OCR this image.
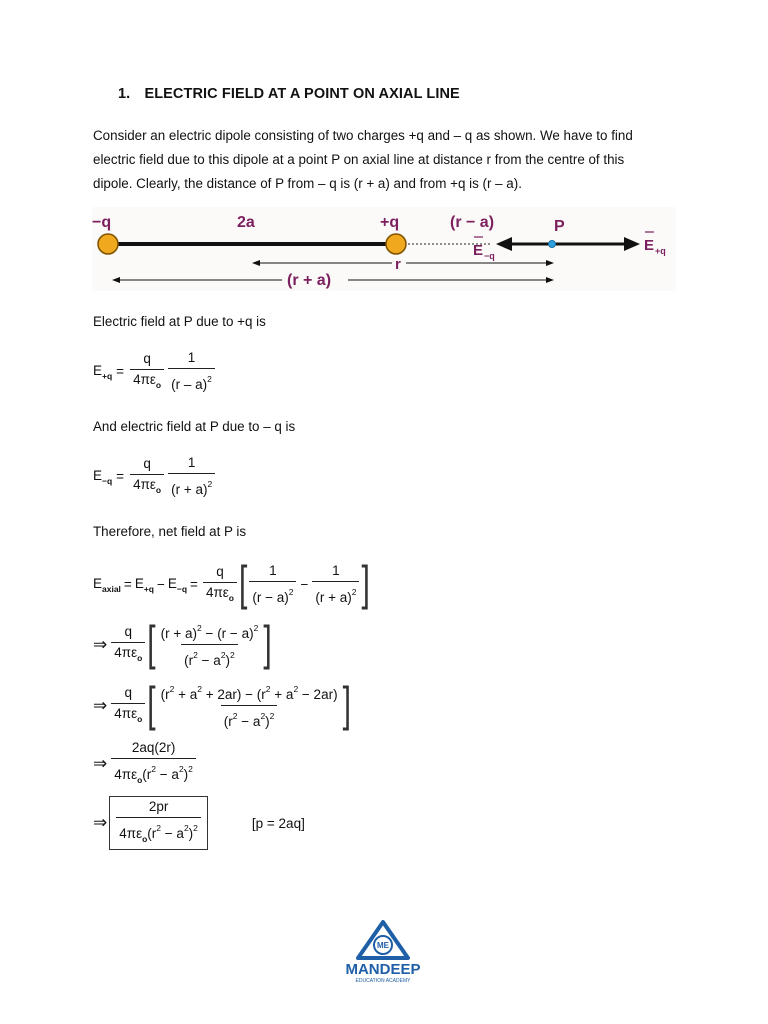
1. ELECTRIC FIELD AT A POINT ON AXIAL LINE
Consider an electric dipole consisting of two charges +q and – q as shown. We have to find
electric field due to this dipole at a point P on axial line at distance r from the centre of this
dipole. Clearly, the distance of P from – q is (r + a) and from +q is (r – a).
−q	2a	+q	(r − a)	P
E −q
E +q
r
(r + a)
Electric field at P due to +q is
$E_{+q} = \frac{q}{4\pi\varepsilon_o} \frac{1}{(r - a)^2}$
And electric field at P due to – q is
$E_{-q} = \frac{q}{4\pi\varepsilon_o} \frac{1}{(r + a)^2}$
Therefore, net field at P is
$E_{axial} = E_{+q} - E_{-q} = \frac{q}{4\pi\varepsilon_o}$ [ $\frac{1}{(r - a)^2} - \frac{1}{(r + a)^2}$ ]
⇒ $\frac{q}{4\pi\varepsilon_o}$ [ $\frac{(r + a)^2 - (r - a)^2}{(r^2 - a^2)^2}$ ]
⇒ $\frac{q}{4\pi\varepsilon_o}$ [ $\frac{(r^2 + a^2 + 2ar) - (r^2 + a^2 - 2ar)}{(r^2 - a^2)^2}$ ]
⇒ $\frac{2aq(2r)}{4\pi\varepsilon_o(r^2 - a^2)^2}$
⇒ $\frac{2pr}{4\pi\varepsilon_o(r^2 - a^2)^2}$	[p = 2aq]
ME
MANDEEP
EDUCATION ACADEMY
